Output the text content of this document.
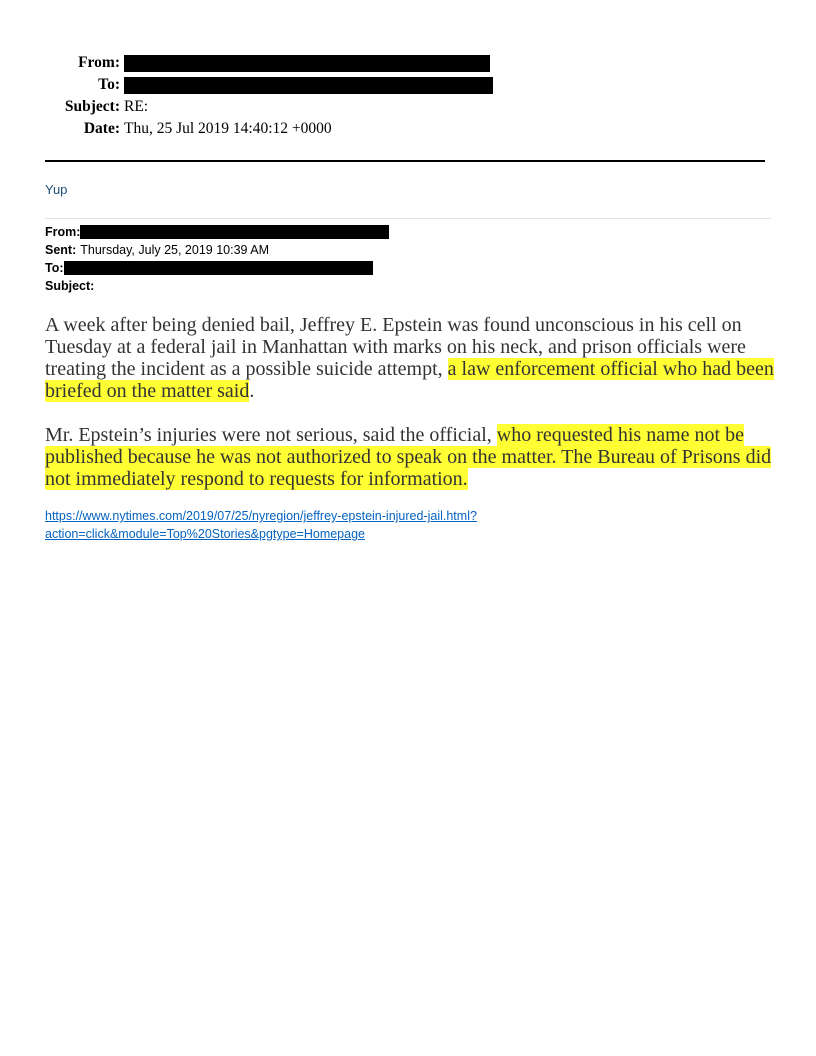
From:
To:
Subject: RE:
Date: Thu, 25 Jul 2019 14:40:12 +0000
Yup
From:
Sent: Thursday, July 25, 2019 10:39 AM
To:
Subject:

A week after being denied bail, Jeffrey E. Epstein was found unconscious in his cell on Tuesday at a federal jail in Manhattan with marks on his neck, and prison officials were treating the incident as a possible suicide attempt, a law enforcement official who had been briefed on the matter said.

Mr. Epstein’s injuries were not serious, said the official, who requested his name not be published because he was not authorized to speak on the matter. The Bureau of Prisons did not immediately respond to requests for information.

https://www.nytimes.com/2019/07/25/nyregion/jeffrey-epstein-injured-jail.html?
action=click&module=Top%20Stories&pgtype=Homepage
